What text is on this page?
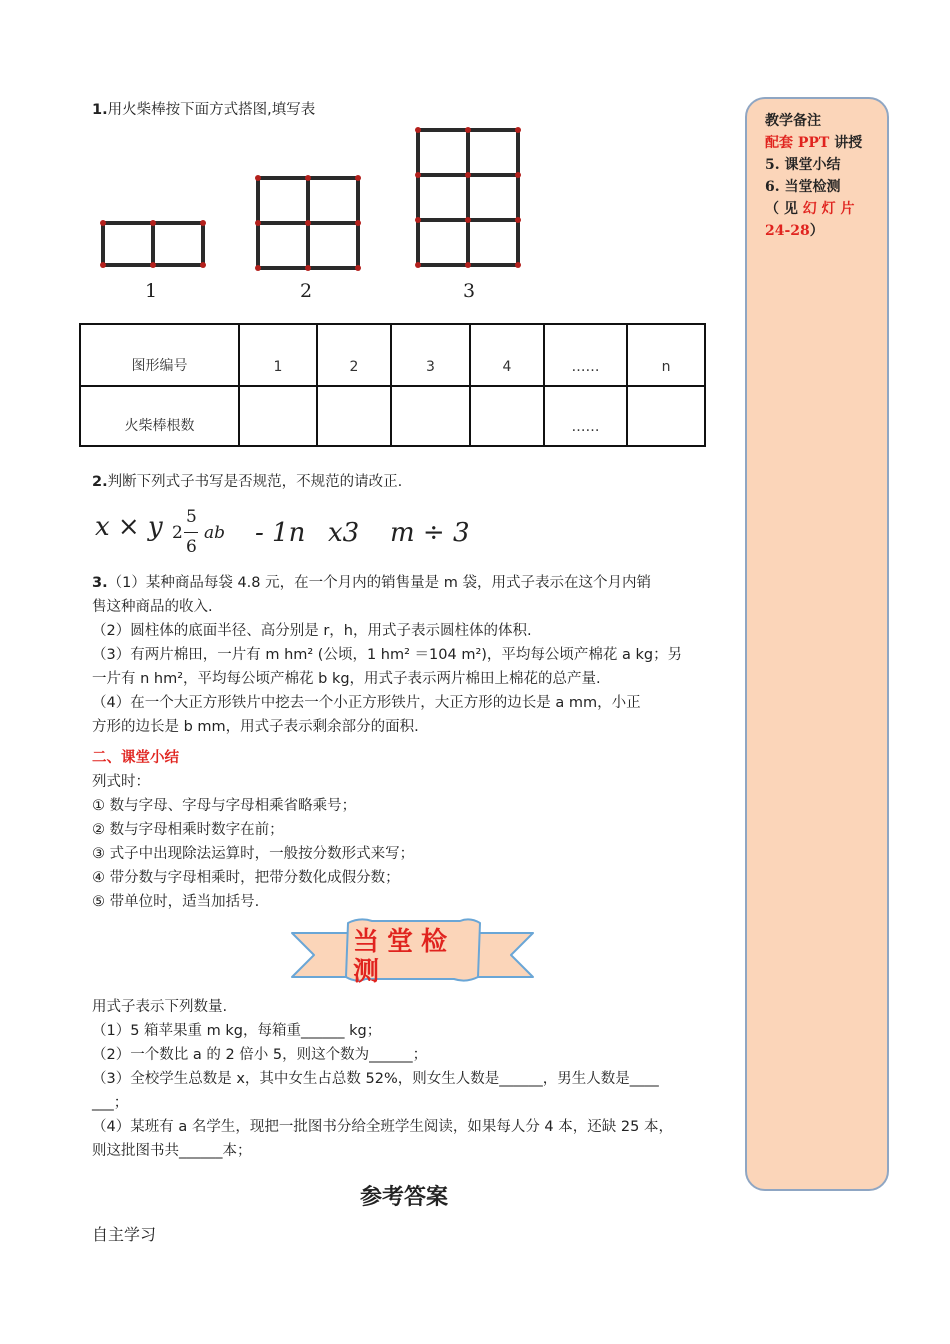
1.用火柴棒按下面方式搭图,填写表
1	2	3
图形编号	1	2	3	4	……	n
火柴棒根数					……	
2.判断下列式子书写是否规范，不规范的请改正.
x × y 2
5
6
ab - 1n x3 m ÷ 3
3.（1）某种商品每袋 4.8 元，在一个月内的销售量是 m 袋，用式子表示在这个月内销
售这种商品的收入.
（2）圆柱体的底面半径、高分别是 r，h，用式子表示圆柱体的体积.
（3）有两片棉田，一片有 m hm² (公顷，1 hm² ＝104 m²)，平均每公顷产棉花 a kg；另
一片有 n hm²，平均每公顷产棉花 b kg，用式子表示两片棉田上棉花的总产量.
（4）在一个大正方形铁片中挖去一个小正方形铁片，大正方形的边长是 a mm，小正
方形的边长是 b mm，用式子表示剩余部分的面积.
二、课堂小结
列式时：
① 数与字母、字母与字母相乘省略乘号；
② 数与字母相乘时数字在前；
③ 式子中出现除法运算时，一般按分数形式来写；
④ 带分数与字母相乘时，把带分数化成假分数；
⑤ 带单位时，适当加括号.
当堂检测
用式子表示下列数量.
（1）5 箱苹果重 m kg，每箱重______ kg；
（2）一个数比 a 的 2 倍小 5，则这个数为______；
（3）全校学生总数是 x，其中女生占总数 52%，则女生人数是______，男生人数是____
___；
（4）某班有 a 名学生，现把一批图书分给全班学生阅读，如果每人分 4 本，还缺 25 本，
则这批图书共______本；
参考答案
自主学习
教学备注
配套 PPT 讲授
5. 课堂小结
6. 当堂检测
（ 见 幻 灯 片
24-28）
